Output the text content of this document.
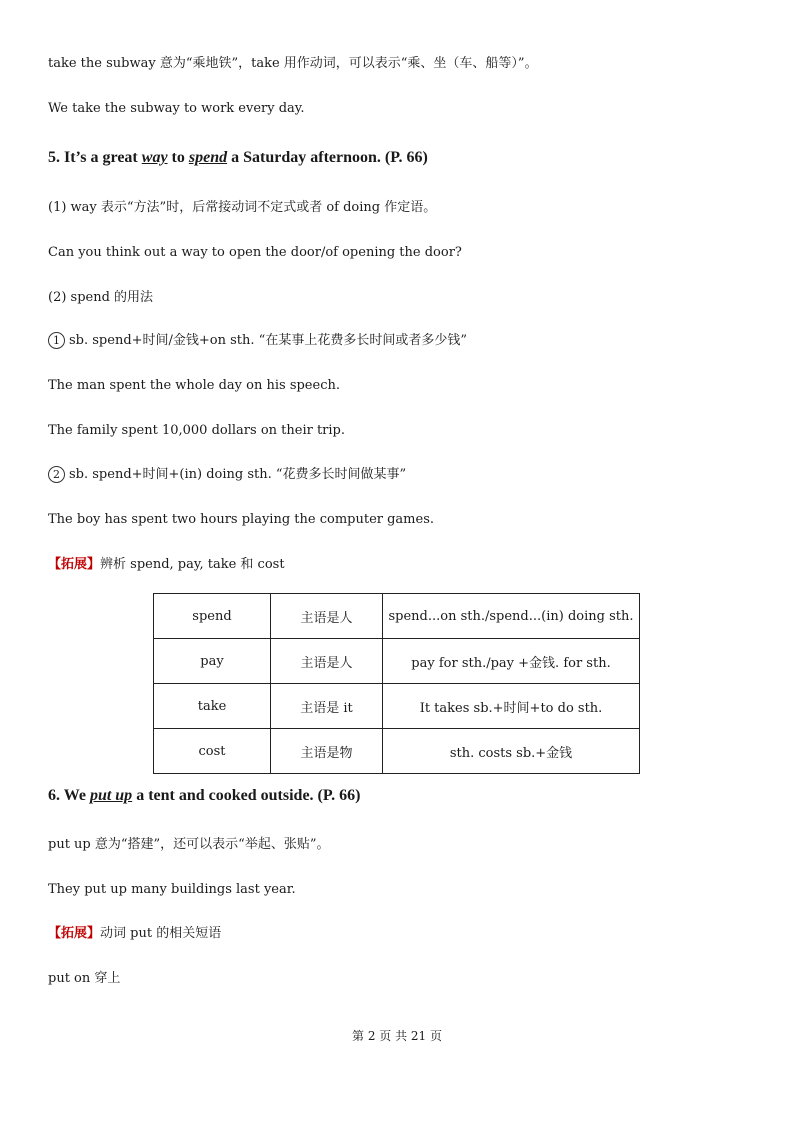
take the subway 意为“乘地铁”，take 用作动词，可以表示“乘、坐（车、船等）”。
We take the subway to work every day.
5. It’s a great way to spend a Saturday afternoon. (P. 66)
(1) way 表示“方法”时，后常接动词不定式或者 of doing 作定语。
Can you think out a way to open the door/of opening the door?
(2) spend 的用法
1 sb. spend+时间/金钱+on sth. “在某事上花费多长时间或者多少钱”
The man spent the whole day on his speech.
The family spent 10,000 dollars on their trip.
2 sb. spend+时间+(in) doing sth. “花费多长时间做某事”
The boy has spent two hours playing the computer games.
【拓展】辨析 spend, pay, take 和 cost
spend	主语是人	spend...on sth./spend...(in) doing sth.
pay	主语是人	pay for sth./pay +金钱. for sth.
take	主语是 it	It takes sb.+时间+to do sth.
cost	主语是物	sth. costs sb.+金钱
6. We put up a tent and cooked outside. (P. 66)
put up 意为“搭建”，还可以表示“举起、张贴”。
They put up many buildings last year.
【拓展】动词 put 的相关短语
put on 穿上
第 2 页 共 21 页
